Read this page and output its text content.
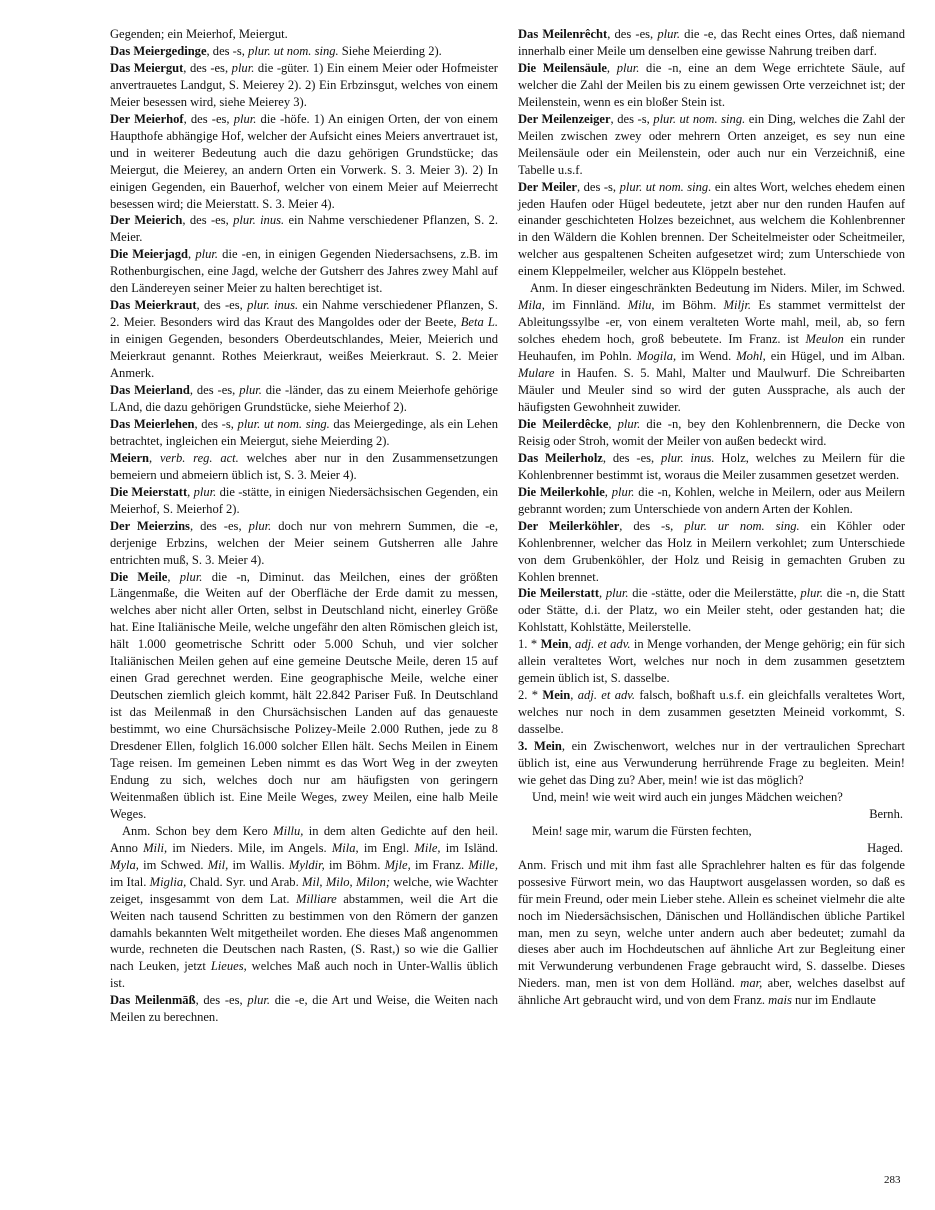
Gegenden; ein Meierhof, Meiergut.

Das Meiergedinge, des -s, plur. ut nom. sing. Siehe Meierding 2).

Das Meiergut, des -es, plur. die -güter. 1) Ein einem Meier oder Hofmeister anvertrauetes Landgut, S. Meierey 2). 2) Ein Erbzinsgut, welches von einem Meier besessen wird, siehe Meierey 3).

Der Meierhof, des -es, plur. die -höfe. 1) An einigen Orten, der von einem Haupthofe abhängige Hof, welcher der Aufsicht eines Meiers anvertrauet ist, und in weiterer Bedeutung auch die dazu gehörigen Grundstücke; das Meiergut, die Meierey, an andern Orten ein Vorwerk. S. 3. Meier 3). 2) In einigen Gegenden, ein Bauerhof, welcher von einem Meier auf Meierrecht besessen wird; die Meierstatt. S. 3. Meier 4).

Der Meierich, des -es, plur. inus. ein Nahme verschiedener Pflanzen, S. 2. Meier.

Die Meierjagd, plur. die -en, in einigen Gegenden Niedersachsens, z.B. im Rothenburgischen, eine Jagd, welche der Gutsherr des Jahres zwey Mahl auf den Ländereyen seiner Meier zu halten berechtiget ist.

Das Meierkraut, des -es, plur. inus. ein Nahme verschiedener Pflanzen, S. 2. Meier. Besonders wird das Kraut des Mangoldes oder der Beete, Beta L. in einigen Gegenden, besonders Oberdeutschlandes, Meier, Meierich und Meierkraut genannt. Rothes Meierkraut, weißes Meierkraut. S. 2. Meier Anmerk.

Das Meierland, des -es, plur. die -länder, das zu einem Meierhofe gehörige LAnd, die dazu gehörigen Grundstücke, siehe Meierhof 2).

Das Meierlehen, des -s, plur. ut nom. sing. das Meiergedinge, als ein Lehen betrachtet, ingleichen ein Meiergut, siehe Meierding 2).

Meiern, verb. reg. act. welches aber nur in den Zusammensetzungen bemeiern und abmeiern üblich ist, S. 3. Meier 4).

Die Meierstatt, plur. die -stätte, in einigen Niedersächsischen Gegenden, ein Meierhof, S. Meierhof 2).

Der Meierzins, des -es, plur. doch nur von mehrern Summen, die -e, derjenige Erbzins, welchen der Meier seinem Gutsherren alle Jahre entrichten muß, S. 3. Meier 4).

Die Meile, plur. die -n, Diminut. das Meilchen, eines der größten Längenmaße, die Weiten auf der Oberfläche der Erde damit zu messen, welches aber nicht aller Orten, selbst in Deutschland nicht, einerley Größe hat. Eine Italiänische Meile, welche ungefähr den alten Römischen gleich ist, hält 1.000 geometrische Schritt oder 5.000 Schuh, und vier solcher Italiänischen Meilen gehen auf eine gemeine Deutsche Meile, deren 15 auf einen Grad gerechnet werden. Eine geographische Meile, welche einer Deutschen ziemlich gleich kommt, hält 22.842 Pariser Fuß. In Deutschland ist das Meilenmaß in den Chursächsischen Landen auf das genaueste bestimmt, wo eine Chursächsische Polizey-Meile 2.000 Ruthen, jede zu 8 Dresdener Ellen, folglich 16.000 solcher Ellen hält. Sechs Meilen in Einem Tage reisen. Im gemeinen Leben nimmt es das Wort Weg in der zweyten Endung zu sich, welches doch nur am häufigsten von geringern Weitenmaßen üblich ist. Eine Meile Weges, zwey Meilen, eine halb Meile Weges.

Anm. Schon bey dem Kero Millu, in dem alten Gedichte auf den heil. Anno Mili, im Nieders. Mile, im Angels. Mila, im Engl. Mile, im Isländ. Myla, im Schwed. Mil, im Wallis. Myldir, im Böhm. Mjle, im Franz. Mille, im Ital. Miglia, Chald. Syr. und Arab. Mil, Milo, Milon; welche, wie Wachter zeiget, insgesammt von dem Lat. Milliare abstammen, weil die Art die Weiten nach tausend Schritten zu bestimmen von den Römern der ganzen damahls bekannten Welt mitgetheilet worden. Ehe dieses Maß angenommen wurde, rechneten die Deutschen nach Rasten, (S. Rast,) so wie die Gallier nach Leuken, jetzt Lieues, welches Maß auch noch in Unter-Wallis üblich ist.

Das Meilenmāß, des -es, plur. die -e, die Art und Weise, die Weiten nach Meilen zu berechnen.

Das Meilenrêcht, des -es, plur. die -e, das Recht eines Ortes, daß niemand innerhalb einer Meile um denselben eine gewisse Nahrung treiben darf.

Die Meilensäule, plur. die -n, eine an dem Wege errichtete Säule, auf welcher die Zahl der Meilen bis zu einem gewissen Orte verzeichnet ist; der Meilenstein, wenn es ein bloßer Stein ist.

Der Meilenzeiger, des -s, plur. ut nom. sing. ein Ding, welches die Zahl der Meilen zwischen zwey oder mehrern Orten anzeiget, es sey nun eine Meilensäule oder ein Meilenstein, oder auch nur ein Verzeichniß, eine Tabelle u.s.f.

Der Meiler, des -s, plur. ut nom. sing. ein altes Wort, welches ehedem einen jeden Haufen oder Hügel bedeutete, jetzt aber nur den runden Haufen auf einander geschichteten Holzes bezeichnet, aus welchem die Kohlenbrenner in den Wäldern die Kohlen brennen. Der Scheitelmeister oder Scheitmeiler, welcher aus gespaltenen Scheiten aufgesetzet wird; zum Unterschiede von einem Kleppelmeiler, welcher aus Klöppeln bestehet.

Anm. In dieser eingeschränkten Bedeutung im Niders. Miler, im Schwed. Mila, im Finnländ. Milu, im Böhm. Miljr. Es stammet vermittelst der Ableitungssylbe -er, von einem veralteten Worte mahl, meil, ab, so fern solches ehedem hoch, groß bebeutete. Im Franz. ist Meulon ein runder Heuhaufen, im Pohln. Mogila, im Wend. Mohl, ein Hügel, und im Alban. Mulare in Haufen. S. 5. Mahl, Malter und Maulwurf. Die Schreibarten Mäuler und Meuler sind so wird der guten Aussprache, als auch der häufigsten Gewohnheit zuwider.

Die Meilerdêcke, plur. die -n, bey den Kohlenbrennern, die Decke von Reisig oder Stroh, womit der Meiler von außen bedeckt wird.

Das Meilerholz, des -es, plur. inus. Holz, welches zu Meilern für die Kohlenbrenner bestimmt ist, woraus die Meiler zusammen gesetzet werden.

Die Meilerkohle, plur. die -n, Kohlen, welche in Meilern, oder aus Meilern gebrannt worden; zum Unterschiede von andern Arten der Kohlen.

Der Meilerköhler, des -s, plur. ur nom. sing. ein Köhler oder Kohlenbrenner, welcher das Holz in Meilern verkohlet; zum Unterschiede von dem Grubenköhler, der Holz und Reisig in gemachten Gruben zu Kohlen brennet.

Die Meilerstatt, plur. die -stätte, oder die Meilerstätte, plur. die -n, die Statt oder Stätte, d.i. der Platz, wo ein Meiler steht, oder gestanden hat; die Kohlstatt, Kohlstätte, Meilerstelle.

1. * Mein, adj. et adv. in Menge vorhanden, der Menge gehörig; ein für sich allein veraltetes Wort, welches nur noch in dem zusammen gesetztem gemein üblich ist, S. dasselbe.

2. * Mein, adj. et adv. falsch, boßhaft u.s.f. ein gleichfalls veraltetes Wort, welches nur noch in dem zusammen gesetzten Meineid vorkommt, S. dasselbe.

3. Mein, ein Zwischenwort, welches nur in der vertraulichen Sprechart üblich ist, eine aus Verwunderung herrührende Frage zu begleiten. Mein! wie gehet das Ding zu? Aber, mein! wie ist das möglich?

Und, mein! wie weit wird auch ein junges Mädchen weichen?
Bernh.
Mein! sage mir, warum die Fürsten fechten,
Haged.

Anm. Frisch und mit ihm fast alle Sprachlehrer halten es für das folgende possesive Fürwort mein, wo das Hauptwort ausgelassen worden, so daß es für mein Freund, oder mein Lieber stehe. Allein es scheinet vielmehr die alte noch im Niedersächsischen, Dänischen und Holländischen übliche Partikel man, men zu seyn, welche unter andern auch aber bedeutet; zumahl da dieses aber auch im Hochdeutschen auf ähnliche Art zur Begleitung einer mit Verwunderung verbundenen Frage gebraucht wird, S. dasselbe. Dieses Nieders. man, men ist von dem Holländ. mar, aber, welches daselbst auf ähnliche Art gebraucht wird, und von dem Franz. mais nur im Endlaute

283
